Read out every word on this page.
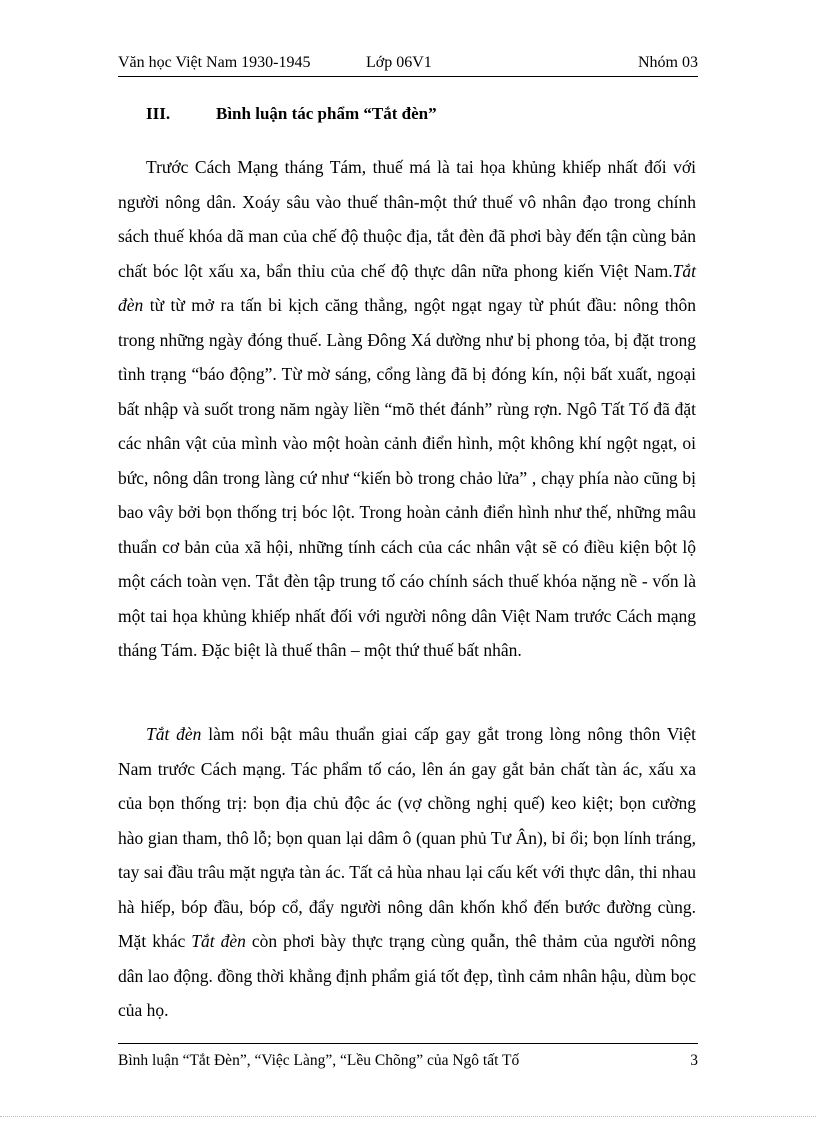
Văn học Việt Nam 1930-1945	Lớp 06V1	Nhóm 03
III.	Bình luận tác phẩm “Tắt đèn”

Trước Cách Mạng tháng Tám, thuế má là tai họa khủng khiếp nhất đối với người nông dân. Xoáy sâu vào thuế thân-một thứ thuế vô nhân đạo trong chính sách thuế khóa dã man của chế độ thuộc địa, tắt đèn đã phơi bày đến tận cùng bản chất bóc lột xấu xa, bẩn thỉu của chế độ thực dân nữa phong kiến Việt Nam.Tắt đèn từ từ mở ra tấn bi kịch căng thẳng, ngột ngạt ngay từ phút đầu: nông thôn trong những ngày đóng thuế. Làng Đông Xá dường như bị phong tỏa, bị đặt trong tình trạng “báo động”. Từ mờ sáng, cổng làng đã bị đóng kín, nội bất xuất, ngoại bất nhập và suốt trong năm ngày liền “mõ thét đánh” rùng rợn. Ngô Tất Tố đã đặt các nhân vật của mình vào một hoàn cảnh điển hình, một không khí ngột ngạt, oi bức, nông dân trong làng cứ như “kiến bò trong chảo lửa” , chạy phía nào cũng bị bao vây bởi bọn thống trị bóc lột. Trong hoàn cảnh điển hình như thế, những mâu thuẩn cơ bản của xã hội, những tính cách của các nhân vật sẽ có điều kiện bột lộ một cách toàn vẹn. Tắt đèn tập trung tố cáo chính sách thuế khóa nặng nề - vốn là một tai họa khủng khiếp nhất đối với người nông dân Việt Nam trước Cách mạng tháng Tám. Đặc biệt là thuế thân – một thứ thuế bất nhân.

Tắt đèn làm nổi bật mâu thuẩn giai cấp gay gắt trong lòng nông thôn Việt Nam trước Cách mạng. Tác phẩm tố cáo, lên án gay gắt bản chất tàn ác, xấu xa của bọn thống trị: bọn địa chủ độc ác (vợ chồng nghị quế) keo kiệt; bọn cường hào gian tham, thô lỗ; bọn quan lại dâm ô (quan phủ Tư Ân), bỉ ổi; bọn lính tráng, tay sai đầu trâu mặt ngựa tàn ác. Tất cả hùa nhau lại cấu kết với thực dân, thi nhau hà hiếp, bóp đầu, bóp cổ, đẩy người nông dân khốn khổ đến bước đường cùng. Mặt khác Tắt đèn còn phơi bày thực trạng cùng quẫn, thê thảm của người nông dân lao động. đồng thời khẳng định phẩm giá tốt đẹp, tình cảm nhân hậu, dùm bọc của họ.

Bình luận “Tắt Đèn”, “Việc Làng”, “Lều Chõng” của Ngô tất Tố	3
